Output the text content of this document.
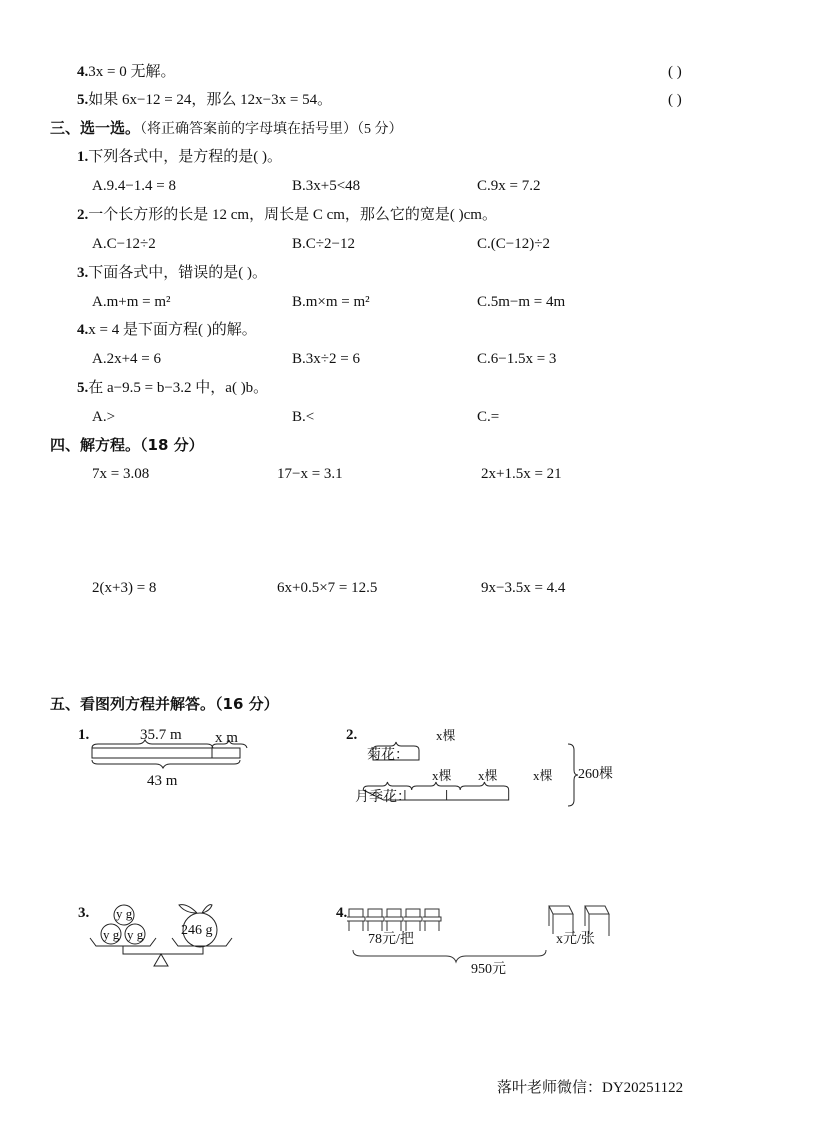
4.3x = 0 无解。	( )
5.如果 6x−12 = 24，那么 12x−3x = 54。	( )
三、选一选。（将正确答案前的字母填在括号里）（5 分）
1.下列各式中，是方程的是( )。
A.9.4−1.4 = 8	B.3x+5<48	C.9x = 7.2
2.一个长方形的长是 12 cm，周长是 C cm，那么它的宽是( )cm。
A.C−12÷2	B.C÷2−12	C.(C−12)÷2
3.下面各式中，错误的是( )。
A.m+m = m²	B.m×m = m²	C.5m−m = 4m
4.x = 4 是下面方程( )的解。
A.2x+4 = 6	B.3x÷2 = 6	C.6−1.5x = 3
5.在 a−9.5 = b−3.2 中，a( )b。
A.>	B.<	C.=
四、解方程。（18 分）
7x = 3.08	17−x = 3.1	2x+1.5x = 21
2(x+3) = 8	6x+0.5×7 = 12.5	9x−3.5x = 4.4
五、看图列方程并解答。（16 分）
1.	35.7 m x m
43 m
2.	x棵
菊花：
x棵 x棵	x棵
月季花：
260棵
3. y g
y g y g	246 g
4.
78元/把	x元/张
950元
落叶老师微信：DY20251122
